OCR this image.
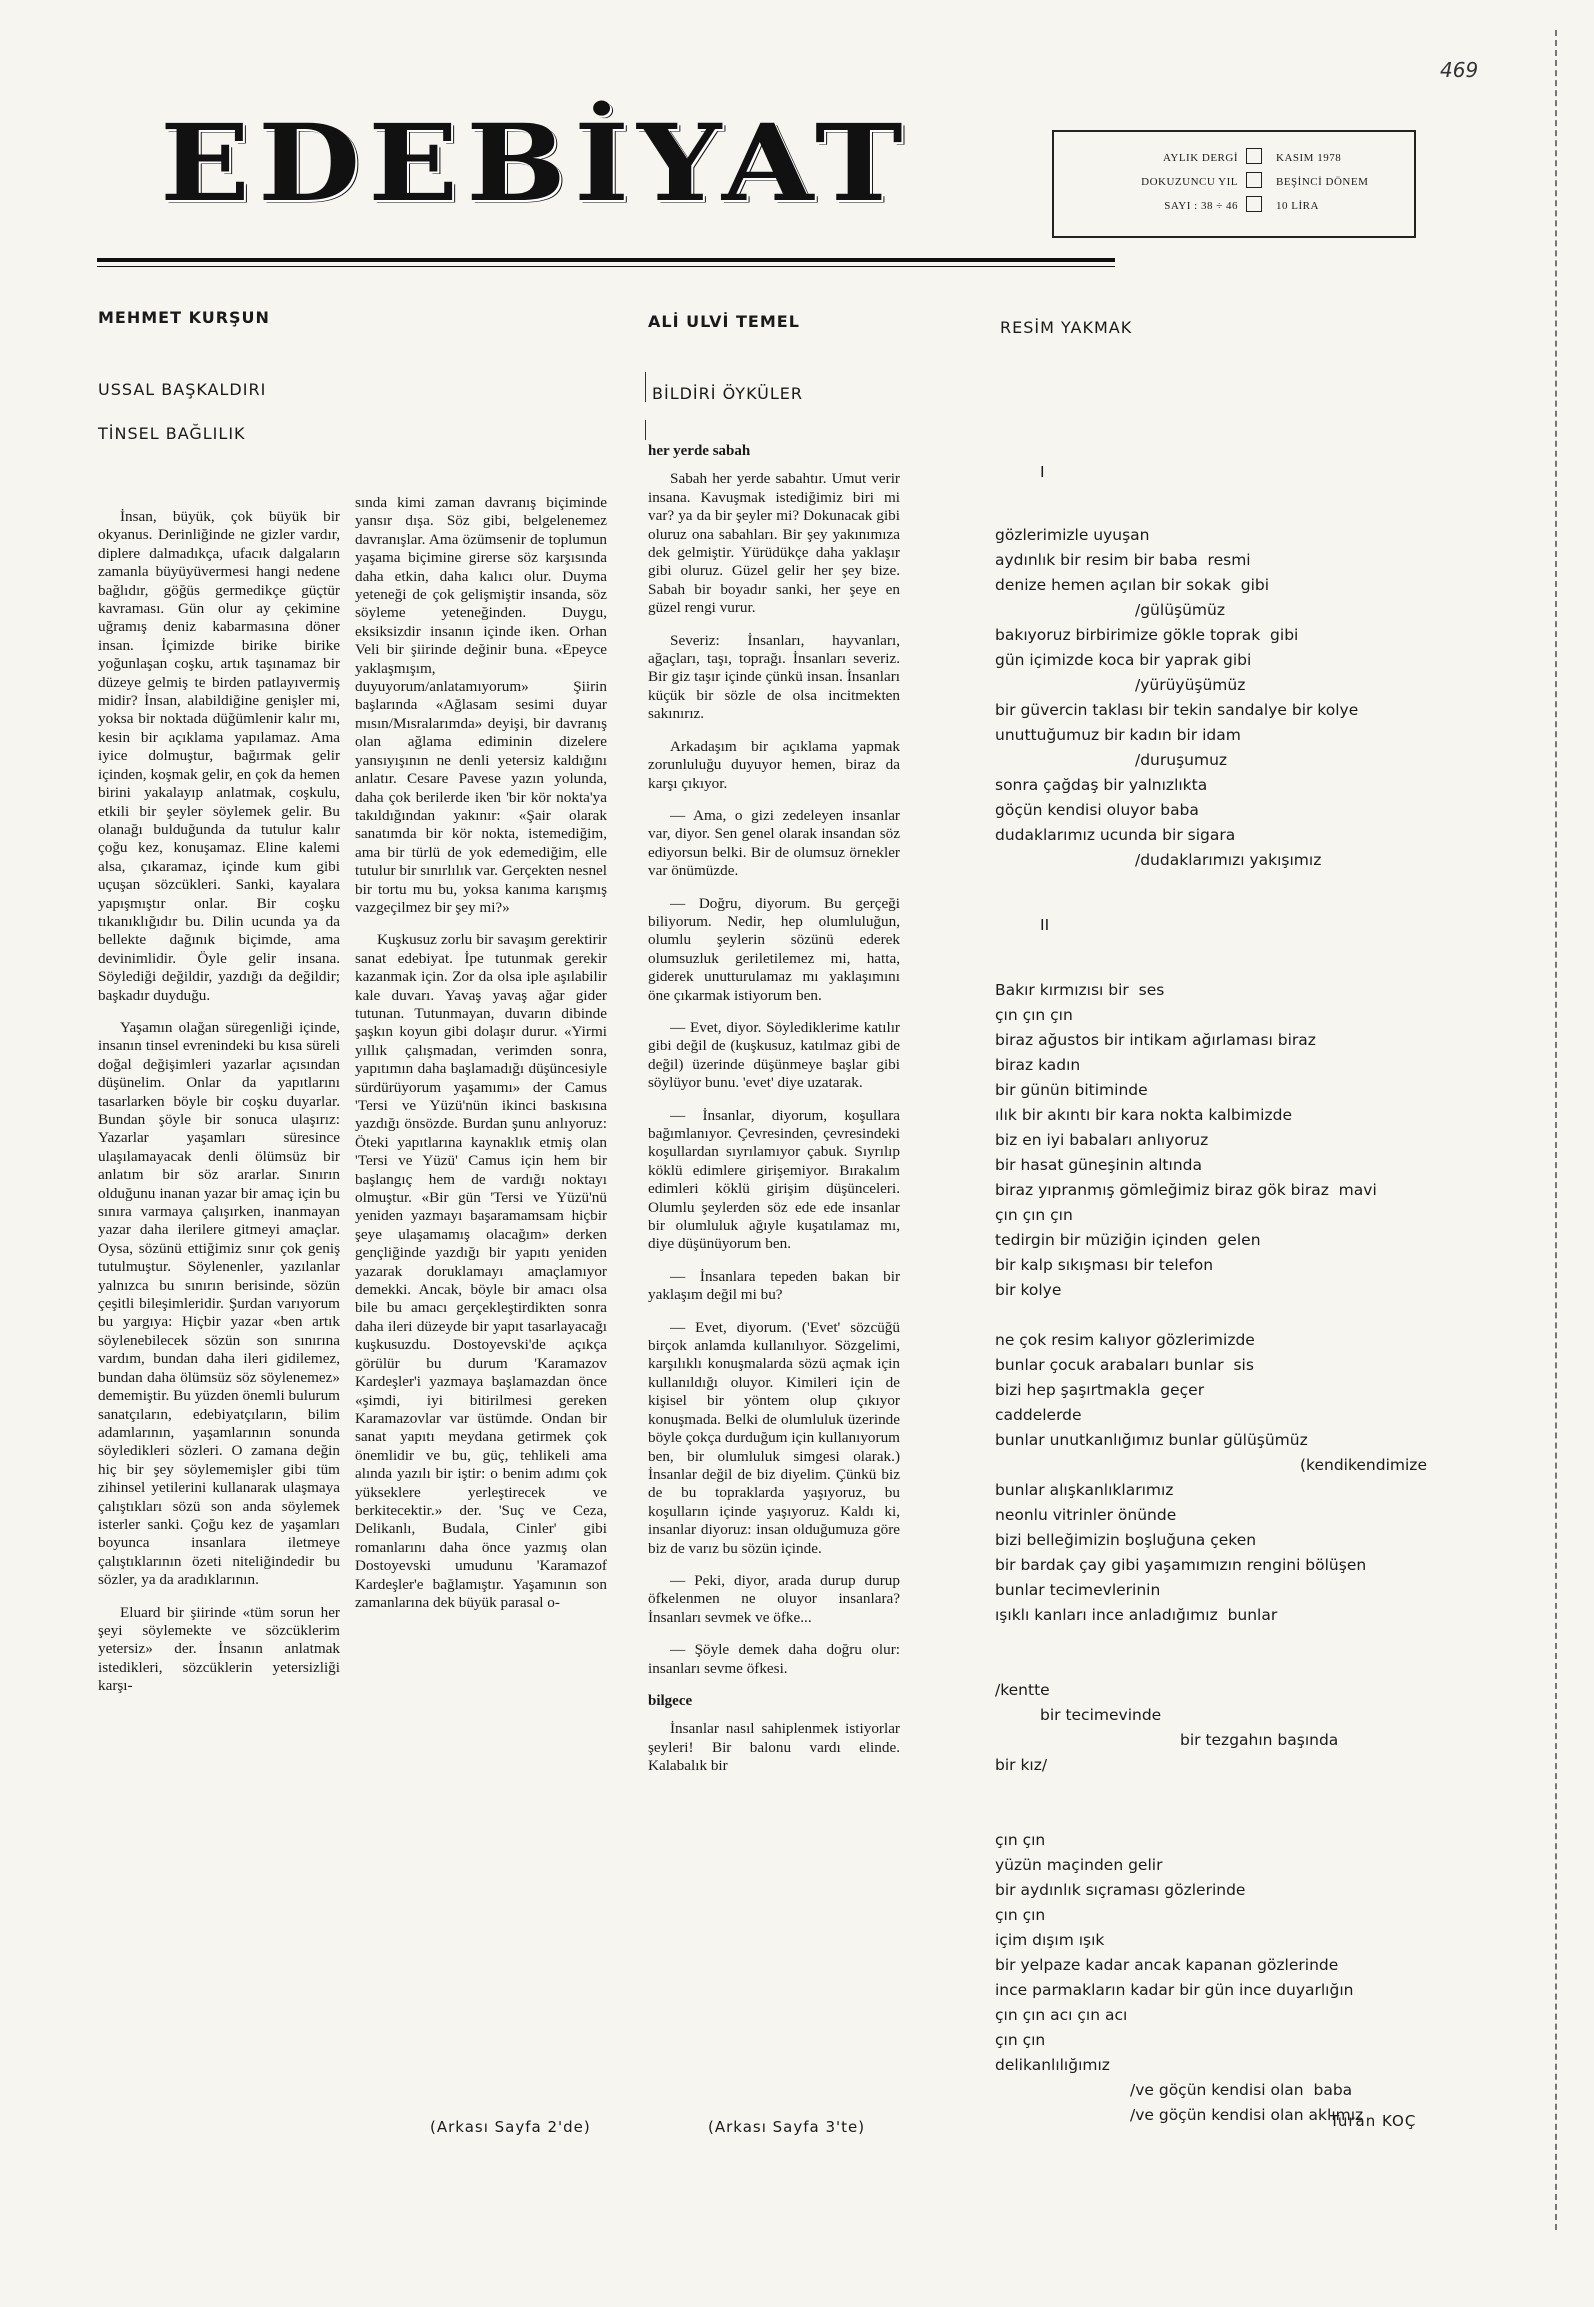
469
EDEBİYAT	AYLIK DERGİ
DOKUZUNCU YIL
SAYI : 38 ÷ 46
KASIM 1978
BEŞİNCİ DÖNEM
10 LİRA
MEHMET KURŞUN
USSAL BAŞKALDIRI
TİNSEL BAĞLILIK

İnsan, büyük, çok büyük bir okyanus. Derinliğinde ne gizler vardır, diplere dalmadıkça, ufacık dalgaların zamanla büyüyüvermesi hangi nedene bağlıdır, göğüs germedikçe güçtür kavraması. Gün olur ay çekimine uğramış deniz kabarmasına döner insan. İçimizde birike birike yoğunlaşan coşku, artık taşınamaz bir düzeye gelmiş te birden patlayıvermiş midir? İnsan, alabildiğine genişler mi, yoksa bir noktada düğümlenir kalır mı, kesin bir açıklama yapılamaz. Ama iyice dolmuştur, bağırmak gelir içinden, koşmak gelir, en çok da hemen birini yakalayıp anlatmak, coşkulu, etkili bir şeyler söylemek gelir. Bu olanağı bulduğunda da tutulur kalır çoğu kez, konuşamaz. Eline kalemi alsa, çıkaramaz, içinde kum gibi uçuşan sözcükleri. Sanki, kayalara yapışmıştır onlar. Bir coşku tıkanıklığıdır bu. Dilin ucunda ya da bellekte dağınık biçimde, ama devinimlidir. Öyle gelir insana. Söylediği değildir, yazdığı da değildir; başkadır duyduğu.

Yaşamın olağan süregenliği içinde, insanın tinsel evrenindeki bu kısa süreli doğal değişimleri yazarlar açısından düşünelim. Onlar da yapıtlarını tasarlarken böyle bir coşku duyarlar. Bundan şöyle bir sonuca ulaşırız: Yazarlar yaşamları süresince ulaşılamayacak denli ölümsüz bir anlatım bir söz ararlar. Sınırın olduğunu inanan yazar bir amaç için bu sınıra varmaya çalışırken, inanmayan yazar daha ilerilere gitmeyi amaçlar. Oysa, sözünü ettiğimiz sınır çok geniş tutulmuştur. Söylenenler, yazılanlar yalnızca bu sınırın berisinde, sözün çeşitli bileşimleridir. Şurdan varıyorum bu yargıya: Hiçbir yazar «ben artık söylenebilecek sözün son sınırına vardım, bundan daha ileri gidilemez, bundan daha ölümsüz söz söylenemez» dememiştir. Bu yüzden önemli bulurum sanatçıların, edebiyatçıların, bilim adamlarının, yaşamlarının sonunda söyledikleri sözleri. O zamana değin hiç bir şey söylememişler gibi tüm zihinsel yetilerini kullanarak ulaşmaya çalıştıkları sözü son anda söylemek isterler sanki. Çoğu kez de yaşamları boyunca insanlara iletmeye çalıştıklarının özeti niteliğindedir bu sözler, ya da aradıklarının.

Eluard bir şiirinde «tüm sorun her şeyi söylemekte ve sözcüklerim yetersiz» der. İnsanın anlatmak istedikleri, sözcüklerin yetersizliği karşı-

sında kimi zaman davranış biçiminde yansır dışa. Söz gibi, belgelenemez davranışlar. Ama özümsenir de toplumun yaşama biçimine girerse söz karşısında daha etkin, daha kalıcı olur. Duyma yeteneği de çok gelişmiştir insanda, söz söyleme yeteneğinden. Duygu, eksiksizdir insanın içinde iken. Orhan Veli bir şiirinde değinir buna. «Epeyce yaklaşmışım, duyuyorum/anlatamıyorum» Şiirin başlarında «Ağlasam sesimi duyar mısın/Mısralarımda» deyişi, bir davranış olan ağlama ediminin dizelere yansıyışının ne denli yetersiz kaldığını anlatır. Cesare Pavese yazın yolunda, daha çok berilerde iken 'bir kör nokta'ya takıldığından yakınır: «Şair olarak sanatımda bir kör nokta, istemediğim, ama bir türlü de yok edemediğim, elle tutulur bir sınırlılık var. Gerçekten nesnel bir tortu mu bu, yoksa kanıma karışmış vazgeçilmez bir şey mi?»

Kuşkusuz zorlu bir savaşım gerektirir sanat edebiyat. İpe tutunmak gerekir kazanmak için. Zor da olsa iple aşılabilir kale duvarı. Yavaş yavaş ağar gider tutunan. Tutunmayan, duvarın dibinde şaşkın koyun gibi dolaşır durur. «Yirmi yıllık çalışmadan, verimden sonra, yapıtımın daha başlamadığı düşüncesiyle sürdürüyorum yaşamımı» der Camus 'Tersi ve Yüzü'nün ikinci baskısına yazdığı önsözde. Burdan şunu anlıyoruz: Öteki yapıtlarına kaynaklık etmiş olan 'Tersi ve Yüzü' Camus için hem bir başlangıç hem de vardığı noktayı olmuştur. «Bir gün 'Tersi ve Yüzü'nü yeniden yazmayı başaramamsam hiçbir şeye ulaşamamış olacağım» derken gençliğinde yazdığı bir yapıtı yeniden yazarak doruklamayı amaçlamıyor demekki. Ancak, böyle bir amacı olsa bile bu amacı gerçekleştirdikten sonra daha ileri düzeyde bir yapıt tasarlayacağı kuşkusuzdu. Dostoyevski'de açıkça görülür bu durum 'Karamazov Kardeşler'i yazmaya başlamazdan önce «şimdi, iyi bitirilmesi gereken Karamazovlar var üstümde. Ondan bir sanat yapıtı meydana getirmek çok önemlidir ve bu, güç, tehlikeli ama alında yazılı bir iştir: o benim adımı çok yükseklere yerleştirecek ve berkitecektir.» der. 'Suç ve Ceza, Delikanlı, Budala, Cinler' gibi romanlarını daha önce yazmış olan Dostoyevski umudunu 'Karamazof Kardeşler'e bağlamıştır. Yaşamının son zamanlarına dek büyük parasal o-

(Arkası Sayfa 2'de)
ALİ ULVİ TEMEL
BİLDİRİ ÖYKÜLER

her yerde sabah

Sabah her yerde sabahtır. Umut verir insana. Kavuşmak istediğimiz biri mi var? ya da bir şeyler mi? Dokunacak gibi oluruz ona sabahları. Bir şey yakınımıza dek gelmiştir. Yürüdükçe daha yaklaşır gibi oluruz. Güzel gelir her şey bize. Sabah bir boyadır sanki, her şeye en güzel rengi vurur.

Severiz: İnsanları, hayvanları, ağaçları, taşı, toprağı. İnsanları severiz. Bir giz taşır içinde çünkü insan. İnsanları küçük bir sözle de olsa incitmekten sakınırız.

Arkadaşım bir açıklama yapmak zorunluluğu duyuyor hemen, biraz da karşı çıkıyor.

— Ama, o gizi zedeleyen insanlar var, diyor. Sen genel olarak insandan söz ediyorsun belki. Bir de olumsuz örnekler var önümüzde.

— Doğru, diyorum. Bu gerçeği biliyorum. Nedir, hep olumluluğun, olumlu şeylerin sözünü ederek olumsuzluk geriletilemez mi, hatta, giderek unutturulamaz mı yaklaşımını öne çıkarmak istiyorum ben.

— Evet, diyor. Söylediklerime katılır gibi değil de (kuşkusuz, katılmaz gibi de değil) üzerinde düşünmeye başlar gibi söylüyor bunu. 'evet' diye uzatarak.

— İnsanlar, diyorum, koşullara bağımlanıyor. Çevresinden, çevresindeki koşullardan sıyrılamıyor çabuk. Sıyrılıp köklü edimlere girişemiyor. Bırakalım edimleri köklü girişim düşünceleri. Olumlu şeylerden söz ede ede insanlar bir olumluluk ağıyle kuşatılamaz mı, diye düşünüyorum ben.

— İnsanlara tepeden bakan bir yaklaşım değil mi bu?

— Evet, diyorum. ('Evet' sözcüğü birçok anlamda kullanılıyor. Sözgelimi, karşılıklı konuşmalarda sözü açmak için kullanıldığı oluyor. Kimileri için de kişisel bir yöntem olup çıkıyor konuşmada. Belki de olumluluk üzerinde böyle çokça durduğum için kullanıyorum ben, bir olumluluk simgesi olarak.) İnsanlar değil de biz diyelim. Çünkü biz de bu topraklarda yaşıyoruz, bu koşulların içinde yaşıyoruz. Kaldı ki, insanlar diyoruz: insan olduğumuza göre biz de varız bu sözün içinde.

— Peki, diyor, arada durup durup öfkelenmen ne oluyor insanlara? İnsanları sevmek ve öfke...

— Şöyle demek daha doğru olur: insanları sevme öfkesi.

bilgece

İnsanlar nasıl sahiplenmek istiyorlar şeyleri! Bir balonu vardı elinde. Kalabalık bir

(Arkası Sayfa 3'te)
RESİM YAKMAK
I
gözlerimizle uyuşan
aydınlık bir resim bir baba  resmi
denize hemen açılan bir sokak  gibi
/gülüşümüz
bakıyoruz birbirimize gökle toprak  gibi
gün içimizde koca bir yaprak gibi
/yürüyüşümüz
bir güvercin taklası bir tekin sandalye bir kolye
unuttuğumuz bir kadın bir idam
/duruşumuz
sonra çağdaş bir yalnızlıkta
göçün kendisi oluyor baba
dudaklarımız ucunda bir sigara
/dudaklarımızı yakışımız
II
Bakır kırmızısı bir  ses
çın çın çın
biraz ağustos bir intikam ağırlaması biraz
biraz kadın
bir günün bitiminde
ılık bir akıntı bir kara nokta kalbimizde
biz en iyi babaları anlıyoruz
bir hasat güneşinin altında
biraz yıpranmış gömleğimiz biraz gök biraz  mavi
çın çın çın
tedirgin bir müziğin içinden  gelen
bir kalp sıkışması bir telefon
bir kolye
ne çok resim kalıyor gözlerimizde
bunlar çocuk arabaları bunlar  sis
bizi hep şaşırtmakla  geçer
caddelerde
bunlar unutkanlığımız bunlar gülüşümüz
(kendikendimize
bunlar alışkanlıklarımız
neonlu vitrinler önünde
bizi belleğimizin boşluğuna çeken
bir bardak çay gibi yaşamımızın rengini bölüşen
bunlar tecimevlerinin
ışıklı kanları ince anladığımız  bunlar
/kentte
bir tecimevinde
bir tezgahın başında
bir kız/
çın çın
yüzün maçinden gelir
bir aydınlık sıçraması gözlerinde
çın çın
içim dışım ışık
bir yelpaze kadar ancak kapanan gözlerinde
ince parmakların kadar bir gün ince duyarlığın
çın çın acı çın acı
çın çın
delikanlılığımız
/ve göçün kendisi olan  baba
/ve göçün kendisi olan aklımız
Turan KOÇ
